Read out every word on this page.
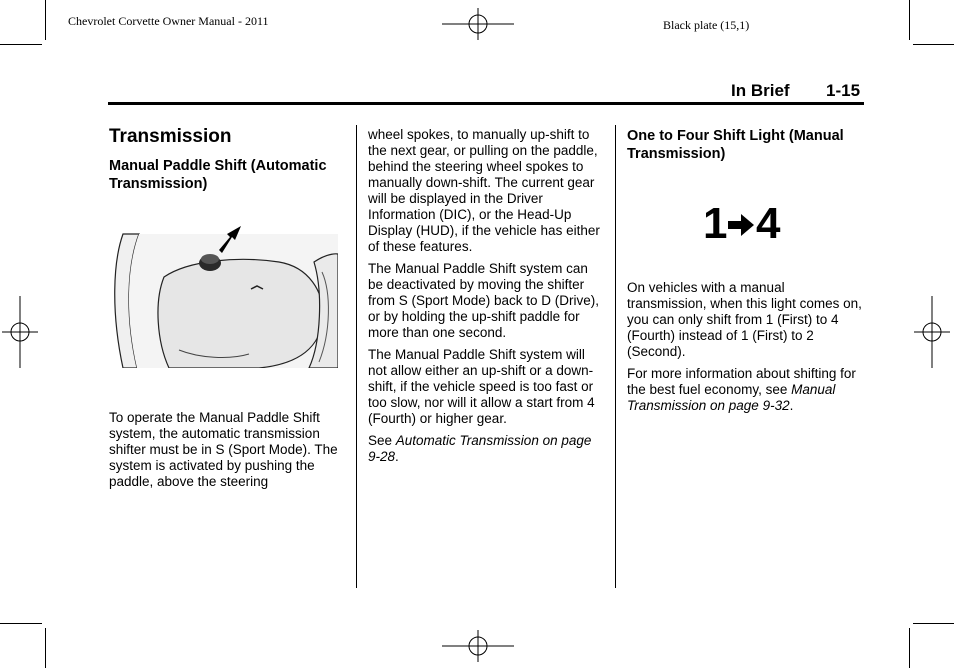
Chevrolet Corvette Owner Manual - 2011	Black plate (15,1)
In Brief 1-15
Transmission
Manual Paddle Shift (Automatic Transmission)

To operate the Manual Paddle Shift system, the automatic transmission shifter must be in S (Sport Mode). The system is activated by pushing the paddle, above the steering

wheel spokes, to manually up-shift to the next gear, or pulling on the paddle, behind the steering wheel spokes to manually down-shift. The current gear will be displayed in the Driver Information (DIC), or the Head-Up Display (HUD), if the vehicle has either of these features.

The Manual Paddle Shift system can be deactivated by moving the shifter from S (Sport Mode) back to D (Drive), or by holding the up-shift paddle for more than one second.

The Manual Paddle Shift system will not allow either an up-shift or a down-shift, if the vehicle speed is too fast or too slow, nor will it allow a start from 4 (Fourth) or higher gear.

See Automatic Transmission on page 9-28.

One to Four Shift Light (Manual Transmission)
1 4

On vehicles with a manual transmission, when this light comes on, you can only shift from 1 (First) to 4 (Fourth) instead of 1 (First) to 2 (Second).

For more information about shifting for the best fuel economy, see Manual Transmission on page 9-32.
